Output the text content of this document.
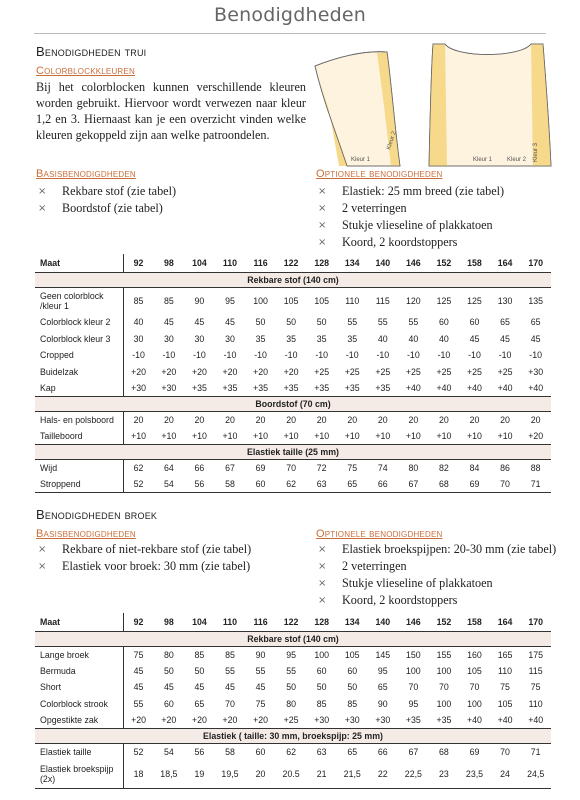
Benodigdheden
Benodigdheden trui
Colorblockkleuren
Bij het colorblocken kunnen verschillende kleuren worden gebruikt. Hiervoor wordt verwezen naar kleur 1,2 en 3. Hiernaast kan je een overzicht vinden welke kleuren gekoppeld zijn aan welke patroondelen.
Kleur 1
Kleur 2
Kleur 1 Kleur 2 Kleur 3
Basisbenodigdheden
× Rekbare stof (zie tabel)
× Boordstof (zie tabel)
Optionele benodigdheden
× Elastiek: 25 mm breed (zie tabel)
× 2 veterringen
× Stukje vlieseline of plakkatoen
× Koord, 2 koordstoppers
Maat	92	98	104	110	116	122	128	134	140	146	152	158	164	170
Rekbare stof (140 cm)														
Geen colorblock /kleur 1	85	85	90	95	100	105	105	110	115	120	125	125	130	135
Colorblock kleur 2	40	45	45	45	50	50	50	55	55	55	60	60	65	65
Colorblock kleur 3	30	30	30	30	35	35	35	35	40	40	40	45	45	45
Cropped	-10	-10	-10	-10	-10	-10	-10	-10	-10	-10	-10	-10	-10	-10
Buidelzak	+20	+20	+20	+20	+20	+20	+25	+25	+25	+25	+25	+25	+25	+30
Kap	+30	+30	+35	+35	+35	+35	+35	+35	+35	+40	+40	+40	+40	+40
Boordstof (70 cm)														
Hals- en polsboord	20	20	20	20	20	20	20	20	20	20	20	20	20	20
Tailleboord	+10	+10	+10	+10	+10	+10	+10	+10	+10	+10	+10	+10	+10	+20
Elastiek taille (25 mm)														
Wijd	62	64	66	67	69	70	72	75	74	80	82	84	86	88
Stroppend	52	54	56	58	60	62	63	65	66	67	68	69	70	71
Benodigdheden broek
Basisbenodigdheden
× Rekbare of niet-rekbare stof (zie tabel)
× Elastiek voor broek: 30 mm (zie tabel)
Optionele benodigdheden
× Elastiek broekspijpen: 20-30 mm (zie tabel)
× 2 veterringen
× Stukje vlieseline of plakkatoen
× Koord, 2 koordstoppers
Maat	92	98	104	110	116	122	128	134	140	146	152	158	164	170
Rekbare stof (140 cm)														
Lange broek	75	80	85	85	90	95	100	105	145	150	155	160	165	175
Bermuda	45	50	50	55	55	55	60	60	95	100	100	105	110	115
Short	45	45	45	45	45	50	50	50	65	70	70	70	75	75
Colorblock strook	55	60	65	70	75	80	85	85	90	95	100	100	105	110
Opgestikte zak	+20	+20	+20	+20	+20	+25	+30	+30	+30	+35	+35	+40	+40	+40
Elastiek ( taille: 30 mm, broekspijp: 25 mm)														
Elastiek taille	52	54	56	58	60	62	63	65	66	67	68	69	70	71
Elastiek broekspijp (2x)	18	18,5	19	19,5	20	20.5	21	21,5	22	22,5	23	23,5	24	24,5
